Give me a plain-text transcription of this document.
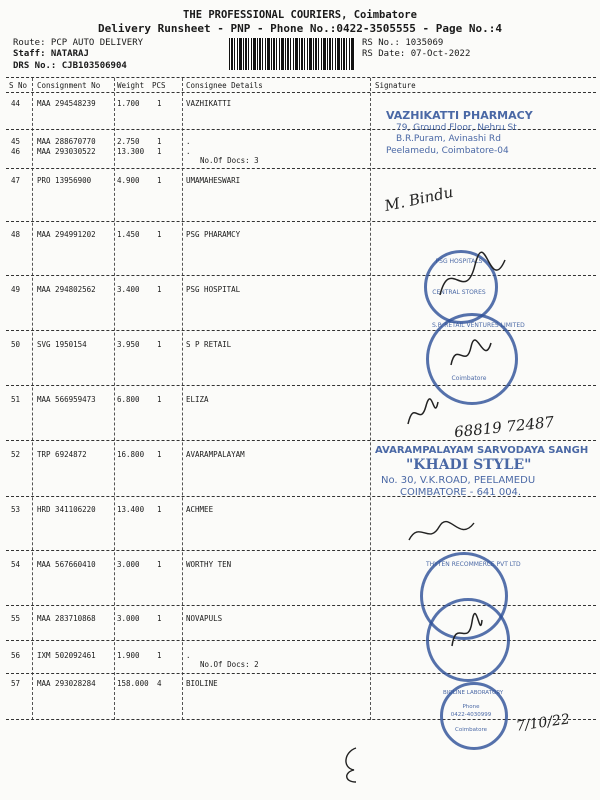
THE PROFESSIONAL COURIERS, Coimbatore
Delivery Runsheet - PNP - Phone No.:0422-3505555 - Page No.:4
Route: PCP AUTO DELIVERY
Staff: NATARAJ
DRS No.: CJB103506904
RS No.: 1035069
RS Date: 07-Oct-2022
S No Consignment No Weight PCS	Consignee Details	Signature
44 MAA 294548239	1.700 1	VAZHIKATTI
45 MAA 288670770	2.750 1	.
46 MAA 293030522	13.300 1	.
No.Of Docs: 3
47 PRO 13956900	4.900 1	UMAMAHESWARI
48 MAA 294991202	1.450 1	PSG PHARAMCY
49 MAA 294802562	3.400 1	PSG HOSPITAL
50 SVG 1950154	3.950 1	S P RETAIL
51 MAA 566959473	6.800 1	ELIZA
52 TRP 6924872	16.800 1	AVARAMPALAYAM
53 HRD 341106220	13.400 1	ACHMEE
54 MAA 567660410	3.000 1	WORTHY TEN
55 MAA 283710868	3.000 1	NOVAPULS
56 IXM 502092461	1.900 1	.
No.Of Docs: 2
57 MAA 293028284	158.000 4	BIOLINE
VAZHIKATTI PHARMACY
79, Ground Floor, Nehru St
B.R.Puram, Avinashi Rd
Peelamedu, Coimbatore-04
M. Bindu
PSG HOSPITALS
CENTRAL STORES
S.P. RETAIL VENTURES LIMITED
Coimbatore
68819 72487
AVARAMPALAYAM SARVODAYA SANGH
"KHADI STYLE"
No. 30, V.K.ROAD, PEELAMEDU
COIMBATORE - 641 004.
THYTEN RECOMMERCE PVT LTD
BIOLINE LABORATORY
Phone
0422-4030999
Coimbatore	7/10/22
